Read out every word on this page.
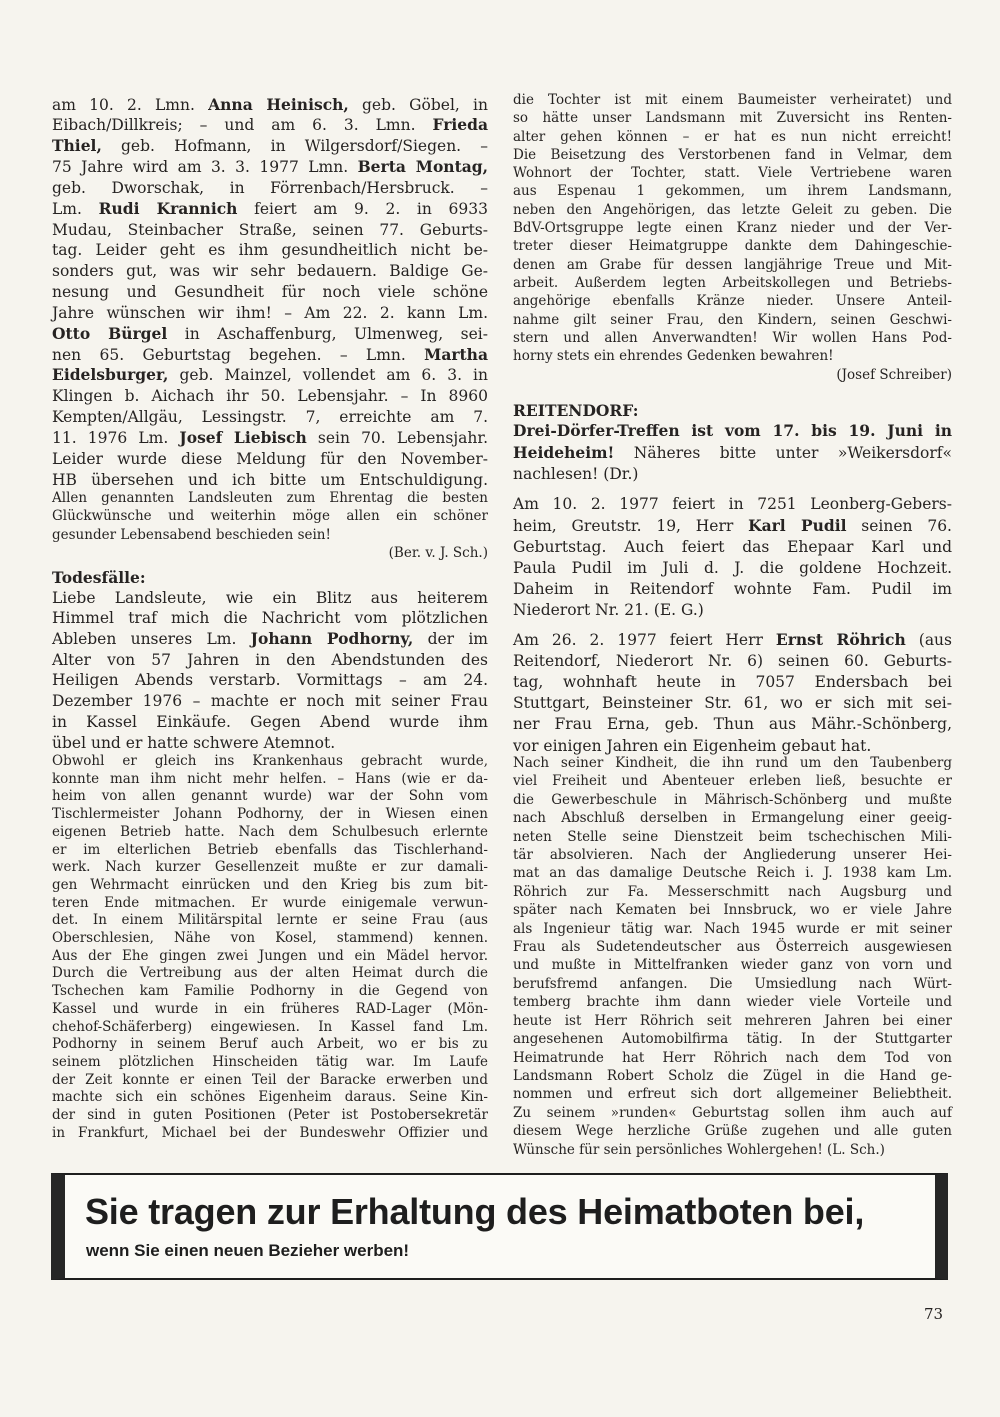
am 10. 2. Lmn. Anna Heinisch, geb. Göbel, in
Eibach/Dillkreis; – und am 6. 3. Lmn. Frieda
Thiel, geb. Hofmann, in Wilgersdorf/Siegen. –
75 Jahre wird am 3. 3. 1977 Lmn. Berta Montag,
geb. Dworschak, in Förrenbach/Hersbruck. –
Lm. Rudi Krannich feiert am 9. 2. in 6933
Mudau, Steinbacher Straße, seinen 77. Geburts-
tag. Leider geht es ihm gesundheitlich nicht be-
sonders gut, was wir sehr bedauern. Baldige Ge-
nesung und Gesundheit für noch viele schöne
Jahre wünschen wir ihm! – Am 22. 2. kann Lm.
Otto Bürgel in Aschaffenburg, Ulmenweg, sei-
nen 65. Geburtstag begehen. – Lmn. Martha
Eidelsburger, geb. Mainzel, vollendet am 6. 3. in
Klingen b. Aichach ihr 50. Lebensjahr. – In 8960
Kempten/Allgäu, Lessingstr. 7, erreichte am 7.
11. 1976 Lm. Josef Liebisch sein 70. Lebensjahr.
Leider wurde diese Meldung für den November-
HB übersehen und ich bitte um Entschuldigung.
Allen genannten Landsleuten zum Ehrentag die besten
Glückwünsche und weiterhin möge allen ein schöner
gesunder Lebensabend beschieden sein!
(Ber. v. J. Sch.)
Todesfälle:
Liebe Landsleute, wie ein Blitz aus heiterem
Himmel traf mich die Nachricht vom plötzlichen
Ableben unseres Lm. Johann Podhorny, der im
Alter von 57 Jahren in den Abendstunden des
Heiligen Abends verstarb. Vormittags – am 24.
Dezember 1976 – machte er noch mit seiner Frau
in Kassel Einkäufe. Gegen Abend wurde ihm
übel und er hatte schwere Atemnot.
Obwohl er gleich ins Krankenhaus gebracht wurde,
konnte man ihm nicht mehr helfen. – Hans (wie er da-
heim von allen genannt wurde) war der Sohn vom
Tischlermeister Johann Podhorny, der in Wiesen einen
eigenen Betrieb hatte. Nach dem Schulbesuch erlernte
er im elterlichen Betrieb ebenfalls das Tischlerhand-
werk. Nach kurzer Gesellenzeit mußte er zur damali-
gen Wehrmacht einrücken und den Krieg bis zum bit-
teren Ende mitmachen. Er wurde einigemale verwun-
det. In einem Militärspital lernte er seine Frau (aus
Oberschlesien, Nähe von Kosel, stammend) kennen.
Aus der Ehe gingen zwei Jungen und ein Mädel hervor.
Durch die Vertreibung aus der alten Heimat durch die
Tschechen kam Familie Podhorny in die Gegend von
Kassel und wurde in ein früheres RAD-Lager (Mön-
chehof-Schäferberg) eingewiesen. In Kassel fand Lm.
Podhorny in seinem Beruf auch Arbeit, wo er bis zu
seinem plötzlichen Hinscheiden tätig war. Im Laufe
der Zeit konnte er einen Teil der Baracke erwerben und
machte sich ein schönes Eigenheim daraus. Seine Kin-
der sind in guten Positionen (Peter ist Postobersekretär
in Frankfurt, Michael bei der Bundeswehr Offizier und
die Tochter ist mit einem Baumeister verheiratet) und
so hätte unser Landsmann mit Zuversicht ins Renten-
alter gehen können – er hat es nun nicht erreicht!
Die Beisetzung des Verstorbenen fand in Velmar, dem
Wohnort der Tochter, statt. Viele Vertriebene waren
aus Espenau 1 gekommen, um ihrem Landsmann,
neben den Angehörigen, das letzte Geleit zu geben. Die
BdV-Ortsgruppe legte einen Kranz nieder und der Ver-
treter dieser Heimatgruppe dankte dem Dahingeschie-
denen am Grabe für dessen langjährige Treue und Mit-
arbeit. Außerdem legten Arbeitskollegen und Betriebs-
angehörige ebenfalls Kränze nieder. Unsere Anteil-
nahme gilt seiner Frau, den Kindern, seinen Geschwi-
stern und allen Anverwandten! Wir wollen Hans Pod-
horny stets ein ehrendes Gedenken bewahren!
(Josef Schreiber)
REITENDORF:
Drei-Dörfer-Treffen ist vom 17. bis 19. Juni in
Heideheim! Näheres bitte unter »Weikersdorf«
nachlesen! (Dr.)
Am 10. 2. 1977 feiert in 7251 Leonberg-Gebers-
heim, Greutstr. 19, Herr Karl Pudil seinen 76.
Geburtstag. Auch feiert das Ehepaar Karl und
Paula Pudil im Juli d. J. die goldene Hochzeit.
Daheim in Reitendorf wohnte Fam. Pudil im
Niederort Nr. 21. (E. G.)
Am 26. 2. 1977 feiert Herr Ernst Röhrich (aus
Reitendorf, Niederort Nr. 6) seinen 60. Geburts-
tag, wohnhaft heute in 7057 Endersbach bei
Stuttgart, Beinsteiner Str. 61, wo er sich mit sei-
ner Frau Erna, geb. Thun aus Mähr.-Schönberg,
vor einigen Jahren ein Eigenheim gebaut hat.
Nach seiner Kindheit, die ihn rund um den Taubenberg
viel Freiheit und Abenteuer erleben ließ, besuchte er
die Gewerbeschule in Mährisch-Schönberg und mußte
nach Abschluß derselben in Ermangelung einer geeig-
neten Stelle seine Dienstzeit beim tschechischen Mili-
tär absolvieren. Nach der Angliederung unserer Hei-
mat an das damalige Deutsche Reich i. J. 1938 kam Lm.
Röhrich zur Fa. Messerschmitt nach Augsburg und
später nach Kematen bei Innsbruck, wo er viele Jahre
als Ingenieur tätig war. Nach 1945 wurde er mit seiner
Frau als Sudetendeutscher aus Österreich ausgewiesen
und mußte in Mittelfranken wieder ganz von vorn und
berufsfremd anfangen. Die Umsiedlung nach Würt-
temberg brachte ihm dann wieder viele Vorteile und
heute ist Herr Röhrich seit mehreren Jahren bei einer
angesehenen Automobilfirma tätig. In der Stuttgarter
Heimatrunde hat Herr Röhrich nach dem Tod von
Landsmann Robert Scholz die Zügel in die Hand ge-
nommen und erfreut sich dort allgemeiner Beliebtheit.
Zu seinem »runden« Geburtstag sollen ihm auch auf
diesem Wege herzliche Grüße zugehen und alle guten
Wünsche für sein persönliches Wohlergehen! (L. Sch.)
Sie tragen zur Erhaltung des Heimatboten bei,
wenn Sie einen neuen Bezieher werben!
73
